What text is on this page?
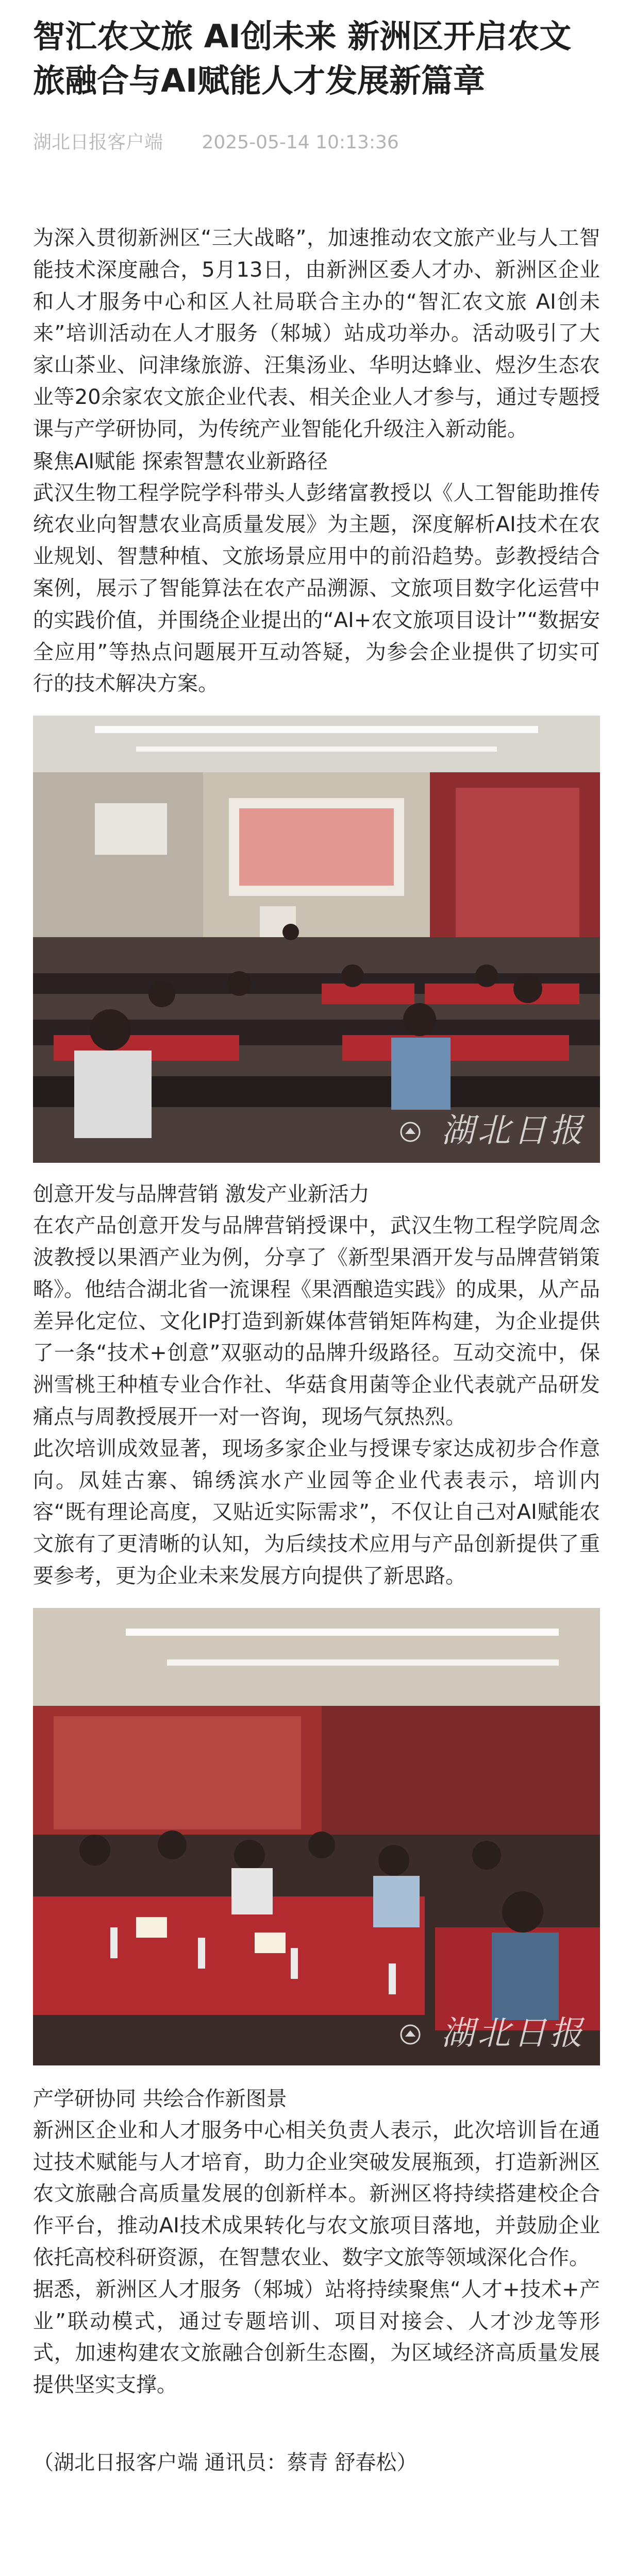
智汇农文旅 AI创未来 新洲区开启农文旅融合与AI赋能人才发展新篇章
湖北日报客户端 2025-05-14 10:13:36

为深入贯彻新洲区“三大战略”，加速推动农文旅产业与人工智能技术深度融合，5月13日，由新洲区委人才办、新洲区企业和人才服务中心和区人社局联合主办的“智汇农文旅 AI创未来”培训活动在人才服务（邾城）站成功举办。活动吸引了大家山茶业、问津缘旅游、汪集汤业、华明达蜂业、煜汐生态农业等20余家农文旅企业代表、相关企业人才参与，通过专题授课与产学研协同，为传统产业智能化升级注入新动能。

聚焦AI赋能 探索智慧农业新路径

武汉生物工程学院学科带头人彭绪富教授以《人工智能助推传统农业向智慧农业高质量发展》为主题，深度解析AI技术在农业规划、智慧种植、文旅场景应用中的前沿趋势。彭教授结合案例，展示了智能算法在农产品溯源、文旅项目数字化运营中的实践价值，并围绕企业提出的“AI+农文旅项目设计”“数据安全应用”等热点问题展开互动答疑，为参会企业提供了切实可行的技术解决方案。

湖北日报

创意开发与品牌营销 激发产业新活力

在农产品创意开发与品牌营销授课中，武汉生物工程学院周念波教授以果酒产业为例，分享了《新型果酒开发与品牌营销策略》。他结合湖北省一流课程《果酒酿造实践》的成果，从产品差异化定位、文化IP打造到新媒体营销矩阵构建，为企业提供了一条“技术+创意”双驱动的品牌升级路径。互动交流中，保洲雪桃王种植专业合作社、华菇食用菌等企业代表就产品研发痛点与周教授展开一对一咨询，现场气氛热烈。

此次培训成效显著，现场多家企业与授课专家达成初步合作意向。凤娃古寨、锦绣滨水产业园等企业代表表示，培训内容“既有理论高度，又贴近实际需求”，不仅让自己对AI赋能农文旅有了更清晰的认知，为后续技术应用与产品创新提供了重要参考，更为企业未来发展方向提供了新思路。

湖北日报

产学研协同 共绘合作新图景

新洲区企业和人才服务中心相关负责人表示，此次培训旨在通过技术赋能与人才培育，助力企业突破发展瓶颈，打造新洲区农文旅融合高质量发展的创新样本。新洲区将持续搭建校企合作平台，推动AI技术成果转化与农文旅项目落地，并鼓励企业依托高校科研资源，在智慧农业、数字文旅等领域深化合作。

据悉，新洲区人才服务（邾城）站将持续聚焦“人才+技术+产业”联动模式，通过专题培训、项目对接会、人才沙龙等形式，加速构建农文旅融合创新生态圈，为区域经济高质量发展提供坚实支撑。

（湖北日报客户端 通讯员：蔡青 舒春松）
